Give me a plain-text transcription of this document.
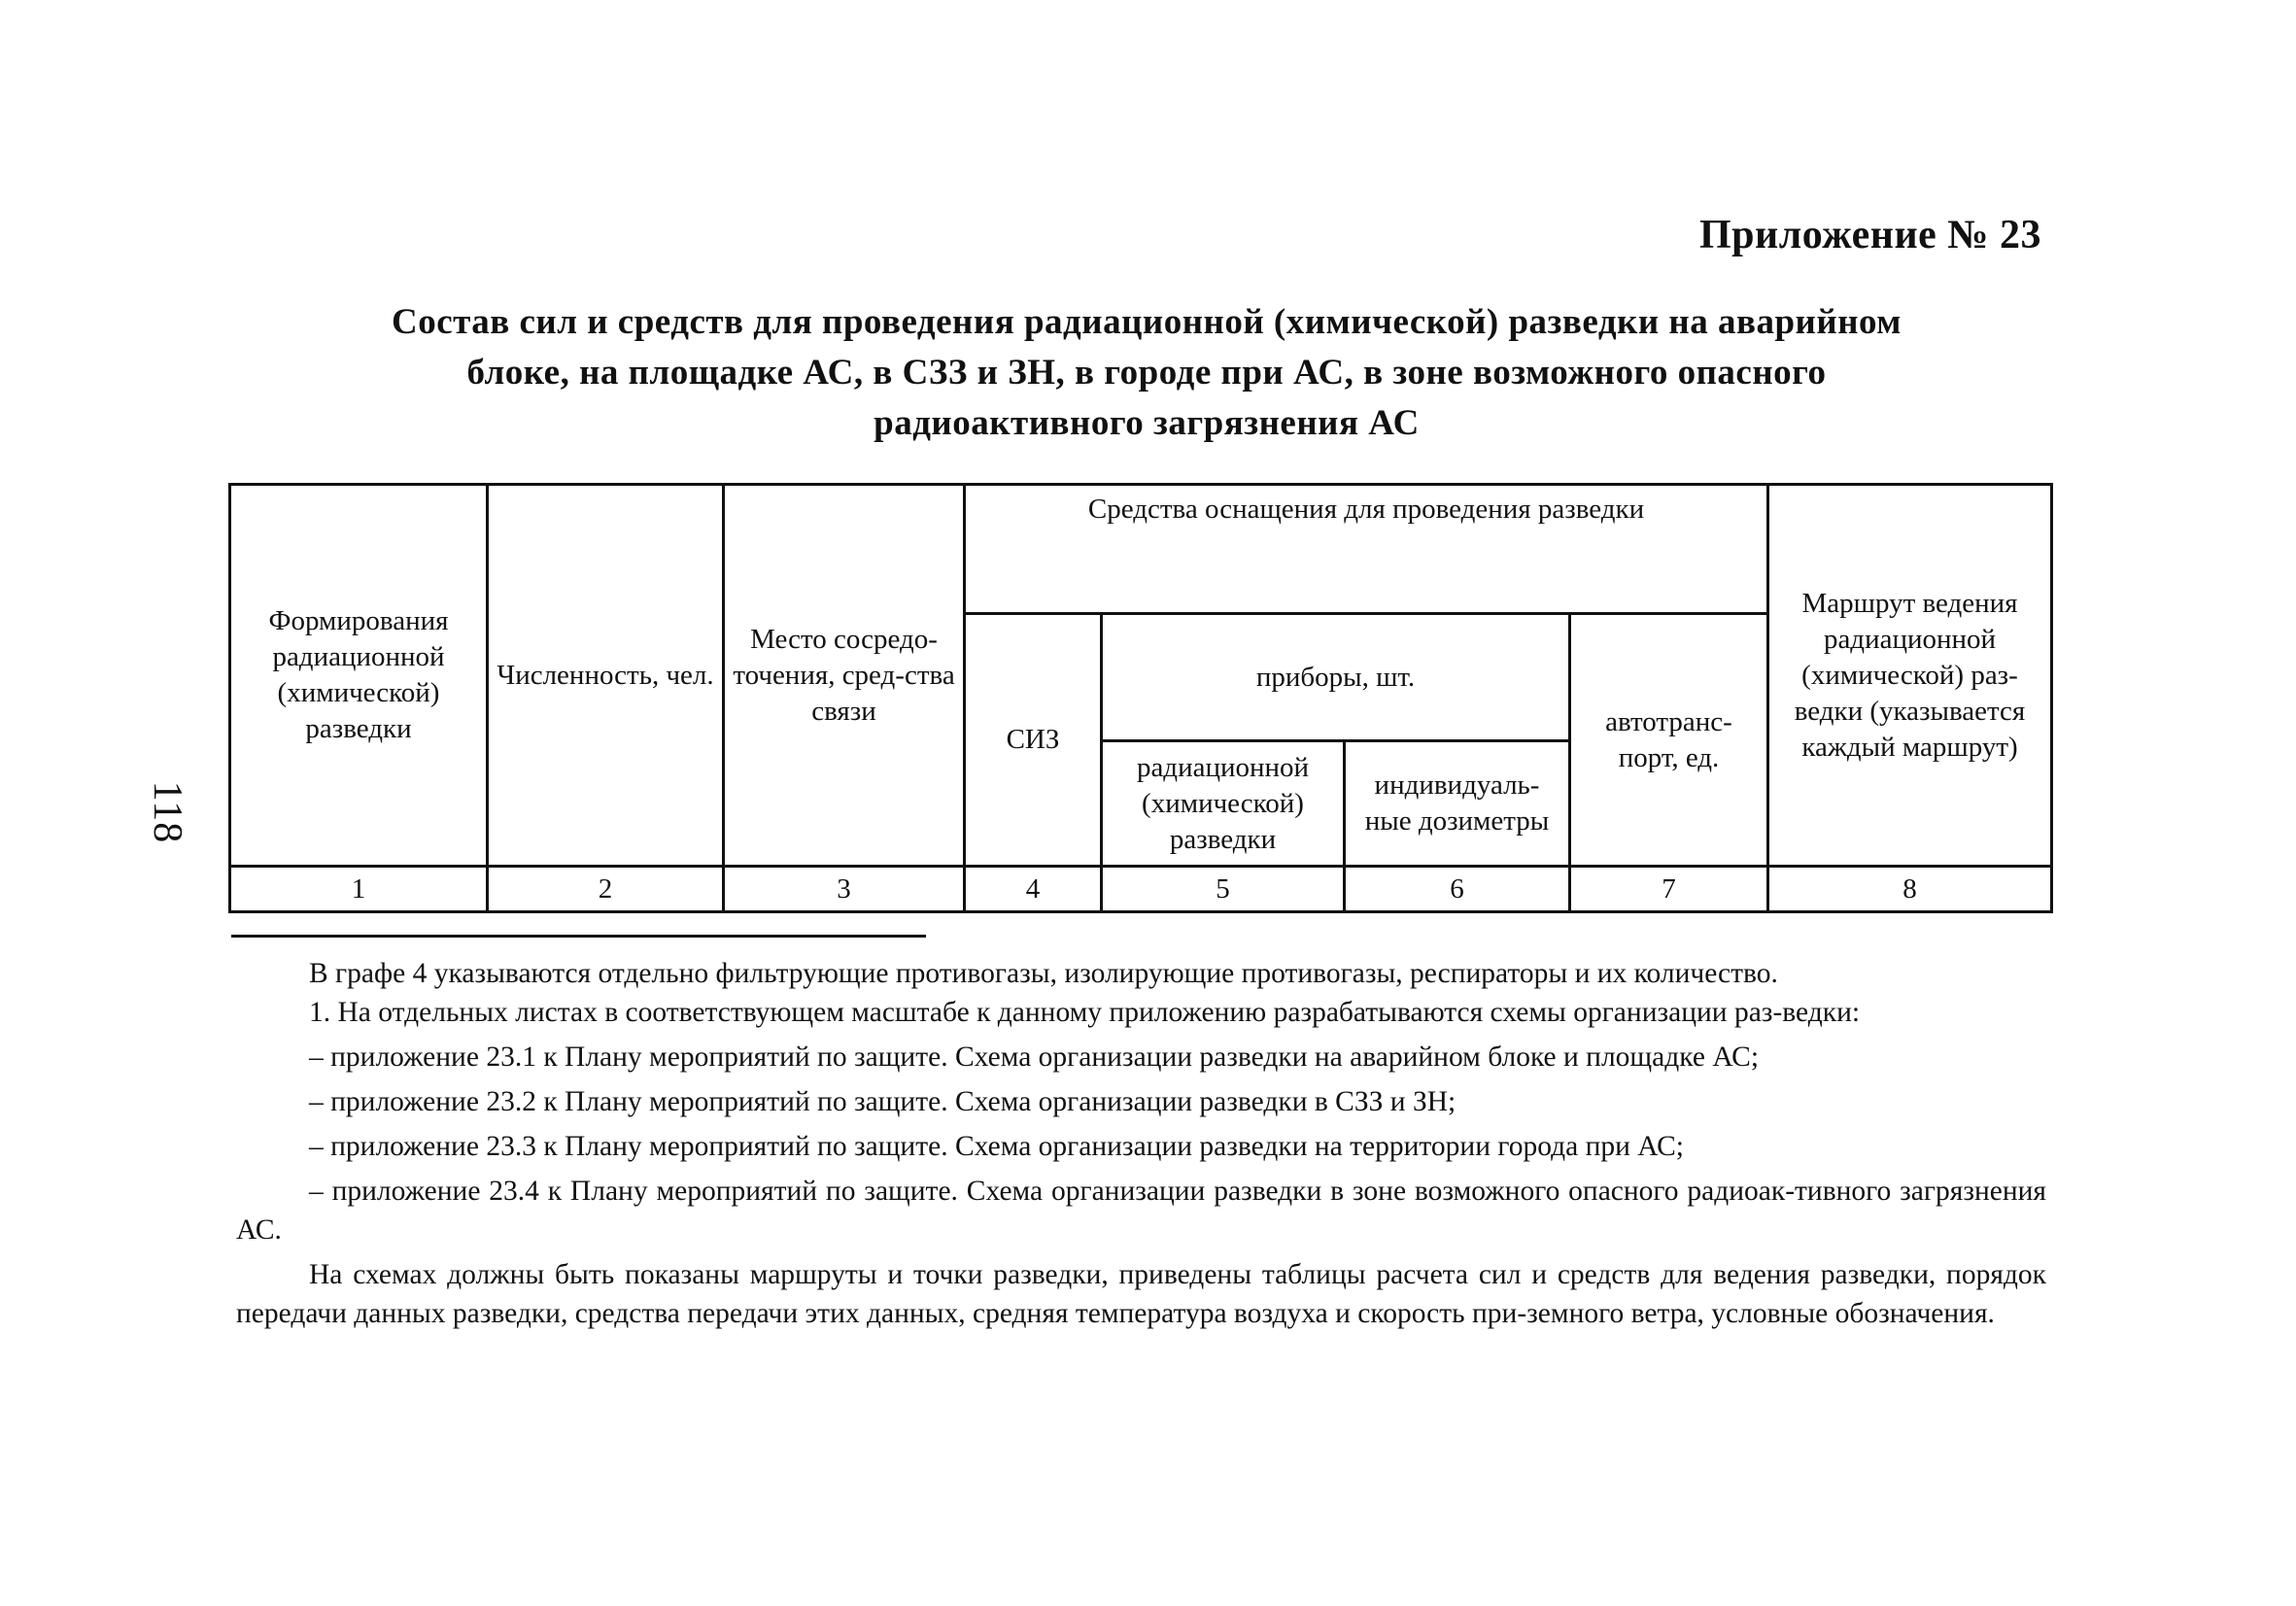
Приложение № 23
Состав сил и средств для проведения радиационной (химической) разведки на аварийном
блоке, на площадке АС, в СЗЗ и ЗН, в городе при АС, в зоне возможного опасного
радиоактивного загрязнения АС
118
Формирования радиационной (химической) разведки	Численность, чел.	Место сосредо-точения, сред-ства связи	Средства оснащения для проведения разведки				Маршрут ведения радиационной (химической) раз-ведки (указывается каждый маршрут)
			СИЗ	приборы, шт.		автотранс-порт, ед.	
				радиационной (химической) разведки	индивидуаль-ные дозиметры		
1	2	3	4	5	6	7	8

В графе 4 указываются отдельно фильтрующие противогазы, изолирующие противогазы, респираторы и их количество.

1. На отдельных листах в соответствующем масштабе к данному приложению разрабатываются схемы организации раз-ведки:

– приложение 23.1 к Плану мероприятий по защите. Схема организации разведки на аварийном блоке и площадке АС;

– приложение 23.2 к Плану мероприятий по защите. Схема организации разведки в СЗЗ и ЗН;

– приложение 23.3 к Плану мероприятий по защите. Схема организации разведки на территории города при АС;

– приложение 23.4 к Плану мероприятий по защите. Схема организации разведки в зоне возможного опасного радиоак-тивного загрязнения АС.

На схемах должны быть показаны маршруты и точки разведки, приведены таблицы расчета сил и средств для ведения разведки, порядок передачи данных разведки, средства передачи этих данных, средняя температура воздуха и скорость при-земного ветра, условные обозначения.
